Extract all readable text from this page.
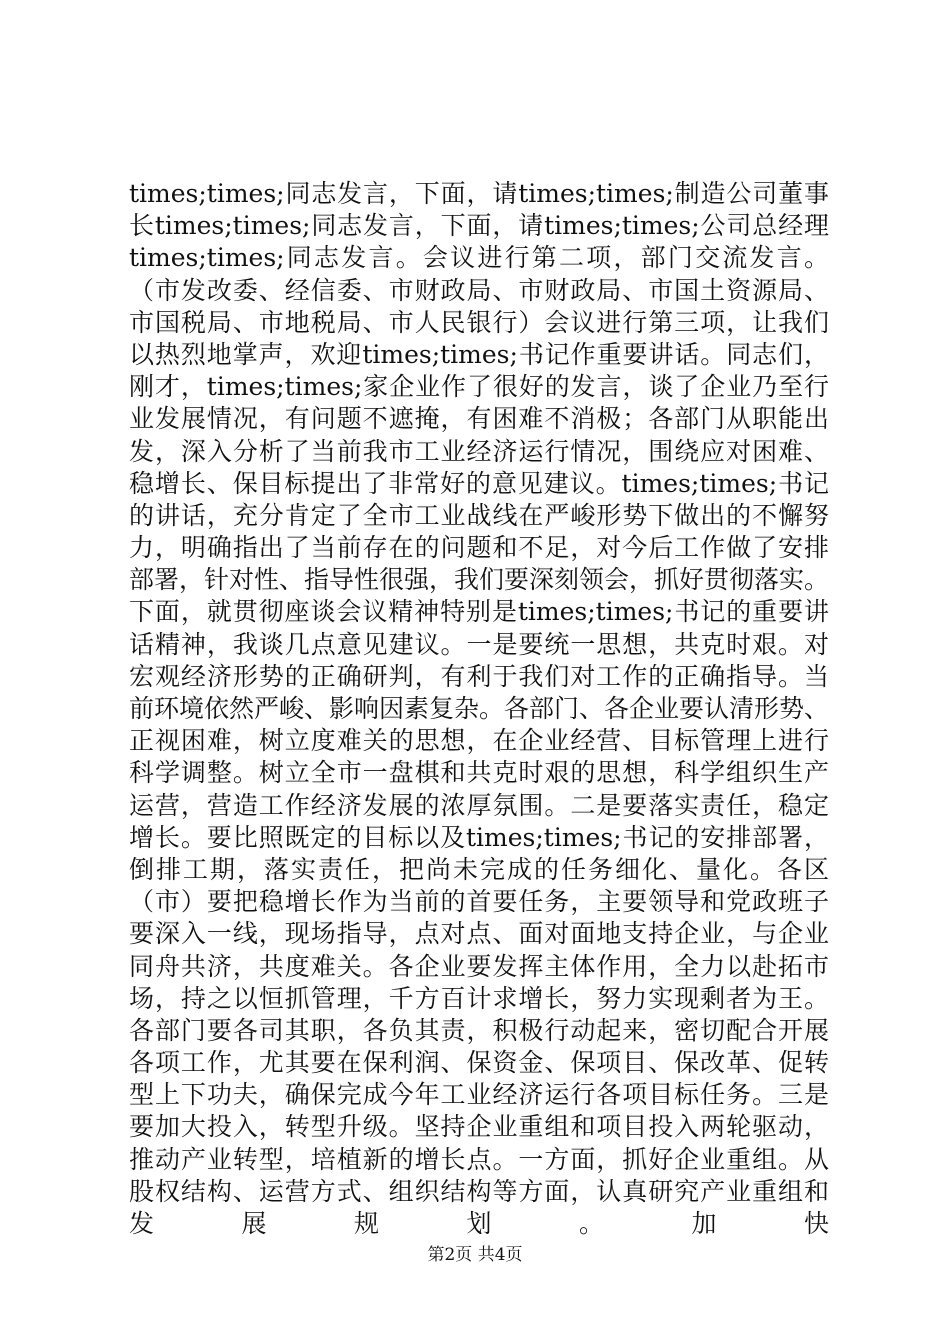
times;times;同志发言，下面，请times;times;制造公司董事
长times;times;同志发言，下面，请times;times;公司总经理
times;times;同志发言。会议进行第二项，部门交流发言。
（市发改委、经信委、市财政局、市财政局、市国土资源局、
市国税局、市地税局、市人民银行）会议进行第三项，让我们
以热烈地掌声，欢迎times;times;书记作重要讲话。同志们，
刚才，times;times;家企业作了很好的发言，谈了企业乃至行
业发展情况，有问题不遮掩，有困难不消极；各部门从职能出
发，深入分析了当前我市工业经济运行情况，围绕应对困难、
稳增长、保目标提出了非常好的意见建议。times;times;书记
的讲话，充分肯定了全市工业战线在严峻形势下做出的不懈努
力，明确指出了当前存在的问题和不足，对今后工作做了安排
部署，针对性、指导性很强，我们要深刻领会，抓好贯彻落实。
下面，就贯彻座谈会议精神特别是times;times;书记的重要讲
话精神，我谈几点意见建议。一是要统一思想，共克时艰。对
宏观经济形势的正确研判，有利于我们对工作的正确指导。当
前环境依然严峻、影响因素复杂。各部门、各企业要认清形势、
正视困难，树立度难关的思想，在企业经营、目标管理上进行
科学调整。树立全市一盘棋和共克时艰的思想，科学组织生产
运营，营造工作经济发展的浓厚氛围。二是要落实责任，稳定
增长。要比照既定的目标以及times;times;书记的安排部署，
倒排工期，落实责任，把尚未完成的任务细化、量化。各区
（市）要把稳增长作为当前的首要任务，主要领导和党政班子
要深入一线，现场指导，点对点、面对面地支持企业，与企业
同舟共济，共度难关。各企业要发挥主体作用，全力以赴拓市
场，持之以恒抓管理，千方百计求增长，努力实现剩者为王。
各部门要各司其职，各负其责，积极行动起来，密切配合开展
各项工作，尤其要在保利润、保资金、保项目、保改革、促转
型上下功夫，确保完成今年工业经济运行各项目标任务。三是
要加大投入，转型升级。坚持企业重组和项目投入两轮驱动，
推动产业转型，培植新的增长点。一方面，抓好企业重组。从
股权结构、运营方式、组织结构等方面，认真研究产业重组和
发 展 规 划 。 加 快
第2页 共4页
